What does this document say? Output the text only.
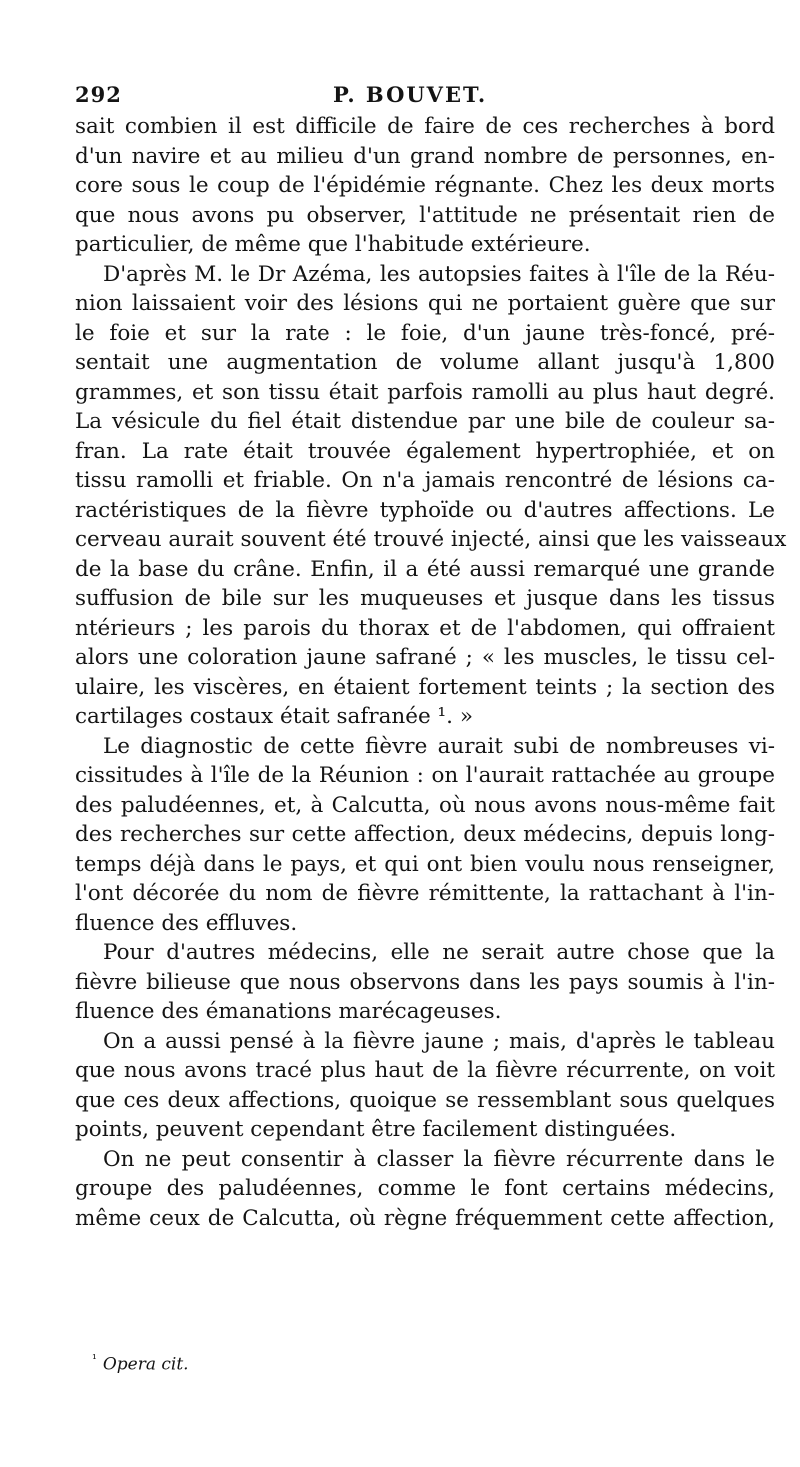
292	P. BOUVET.
sait combien il est difficile de faire de ces recherches à bord
d'un navire et au milieu d'un grand nombre de personnes, en-
core sous le coup de l'épidémie régnante. Chez les deux morts
que nous avons pu observer, l'attitude ne présentait rien de
particulier, de même que l'habitude extérieure.
D'après M. le Dr Azéma, les autopsies faites à l'île de la Réu-
nion laissaient voir des lésions qui ne portaient guère que sur
le foie et sur la rate : le foie, d'un jaune très-foncé, pré-
sentait une augmentation de volume allant jusqu'à 1,800
grammes, et son tissu était parfois ramolli au plus haut degré.
La vésicule du fiel était distendue par une bile de couleur sa-
fran. La rate était trouvée également hypertrophiée, et on
tissu ramolli et friable. On n'a jamais rencontré de lésions ca-
ractéristiques de la fièvre typhoïde ou d'autres affections. Le
cerveau aurait souvent été trouvé injecté, ainsi que les vaisseaux
de la base du crâne. Enfin, il a été aussi remarqué une grande
suffusion de bile sur les muqueuses et jusque dans les tissus
ntérieurs ; les parois du thorax et de l'abdomen, qui offraient
alors une coloration jaune safrané ; « les muscles, le tissu cel-
ulaire, les viscères, en étaient fortement teints ; la section des
cartilages costaux était safranée ¹. »
Le diagnostic de cette fièvre aurait subi de nombreuses vi-
cissitudes à l'île de la Réunion : on l'aurait rattachée au groupe
des paludéennes, et, à Calcutta, où nous avons nous-même fait
des recherches sur cette affection, deux médecins, depuis long-
temps déjà dans le pays, et qui ont bien voulu nous renseigner,
l'ont décorée du nom de fièvre rémittente, la rattachant à l'in-
fluence des effluves.
Pour d'autres médecins, elle ne serait autre chose que la
fièvre bilieuse que nous observons dans les pays soumis à l'in-
fluence des émanations marécageuses.
On a aussi pensé à la fièvre jaune ; mais, d'après le tableau
que nous avons tracé plus haut de la fièvre récurrente, on voit
que ces deux affections, quoique se ressemblant sous quelques
points, peuvent cependant être facilement distinguées.
On ne peut consentir à classer la fièvre récurrente dans le
groupe des paludéennes, comme le font certains médecins,
même ceux de Calcutta, où règne fréquemment cette affection,
$^{^1}$ Opera cit.
